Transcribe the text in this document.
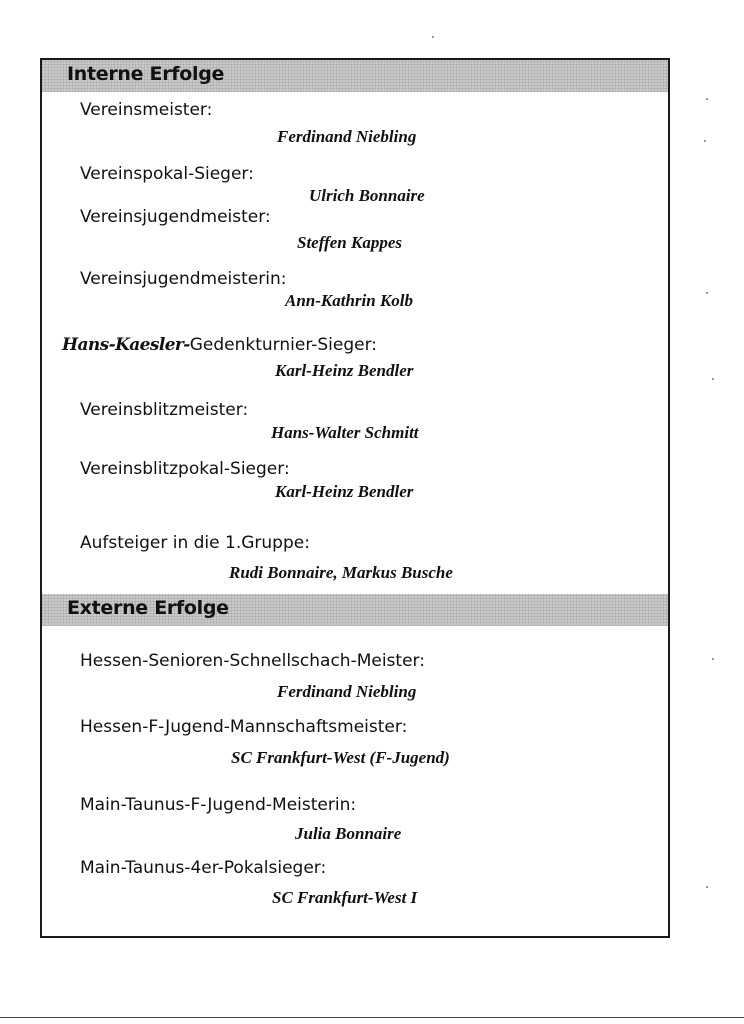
Interne Erfolge
Vereinsmeister:
Ferdinand Niebling
Vereinspokal-Sieger:
Ulrich Bonnaire
Vereinsjugendmeister:
Steffen Kappes
Vereinsjugendmeisterin:
Ann-Kathrin Kolb
Hans-Kaesler-Gedenkturnier-Sieger:
Karl-Heinz Bendler
Vereinsblitzmeister:
Hans-Walter Schmitt
Vereinsblitzpokal-Sieger:
Karl-Heinz Bendler
Aufsteiger in die 1.Gruppe:
Rudi Bonnaire, Markus Busche
Externe Erfolge
Hessen-Senioren-Schnellschach-Meister:
Ferdinand Niebling
Hessen-F-Jugend-Mannschaftsmeister:
SC Frankfurt-West (F-Jugend)
Main-Taunus-F-Jugend-Meisterin:
Julia Bonnaire
Main-Taunus-4er-Pokalsieger:
SC Frankfurt-West I
